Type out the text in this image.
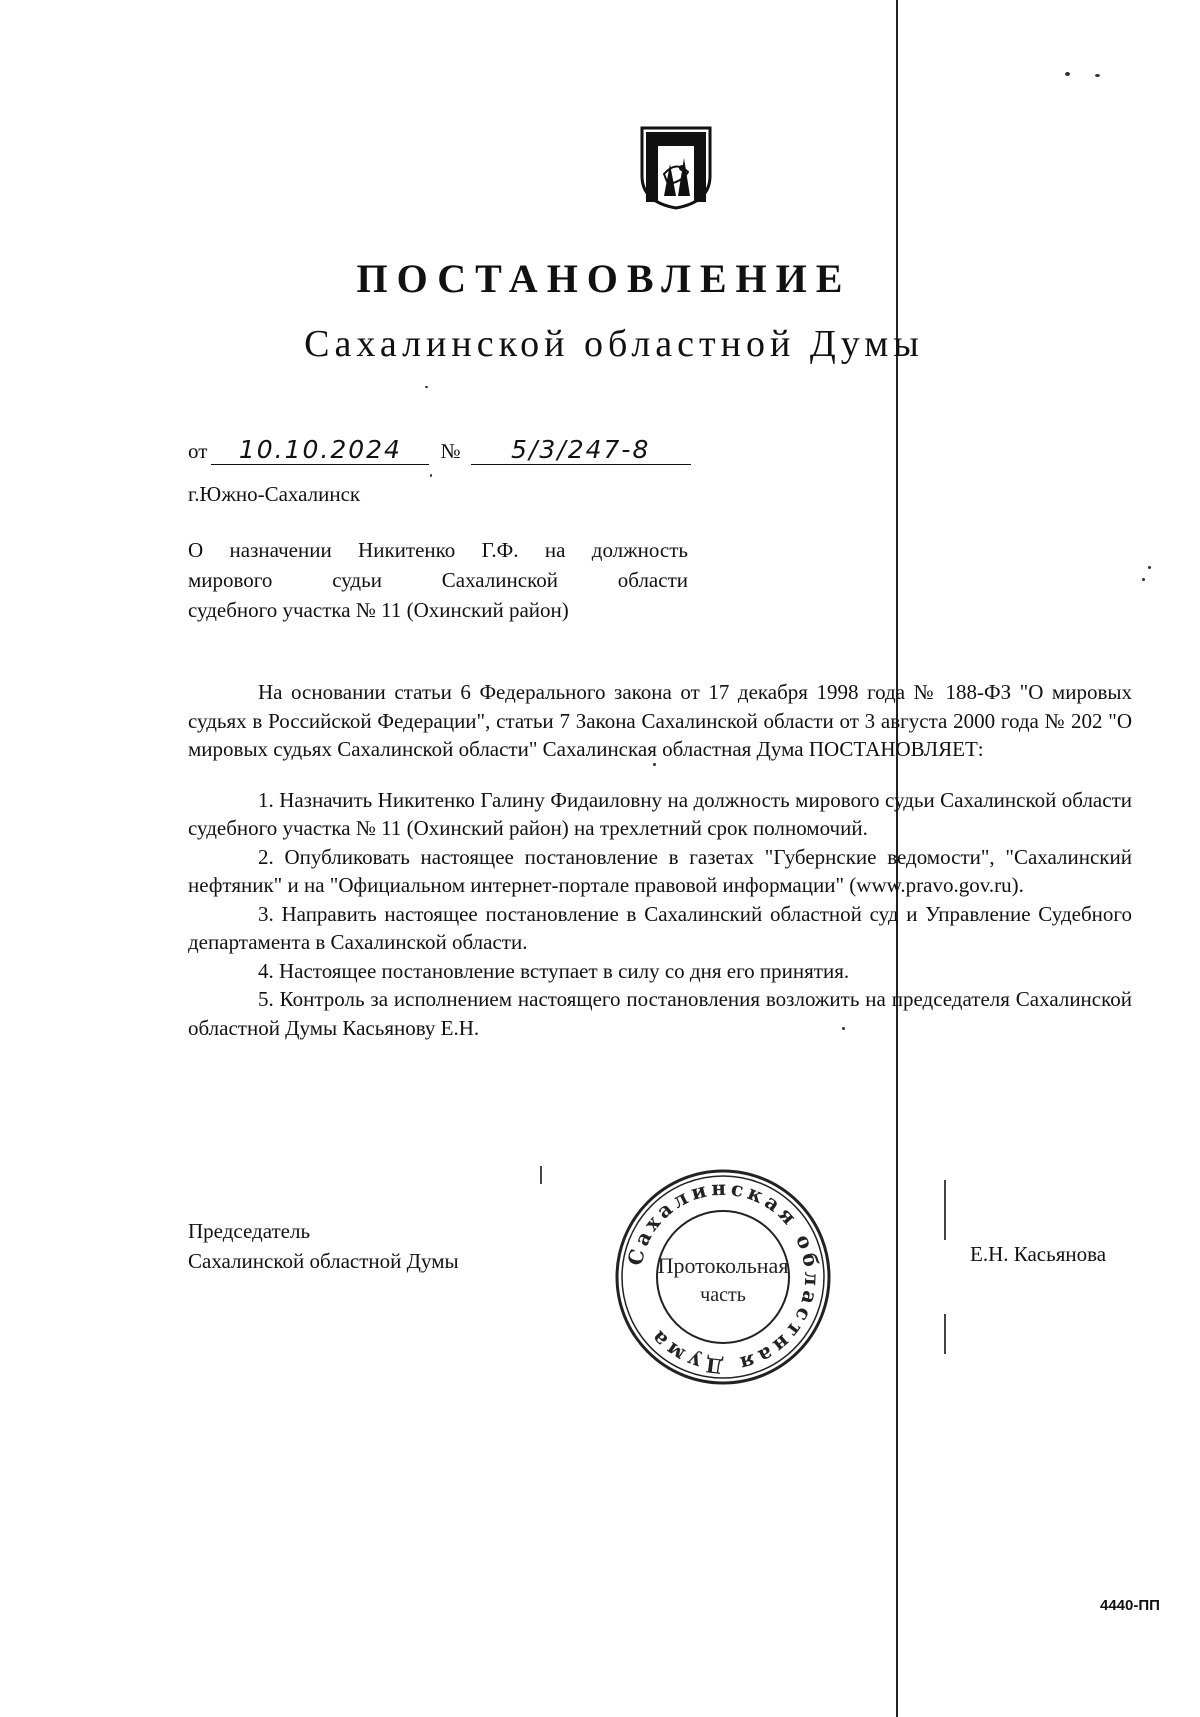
ПОСТАНОВЛЕНИЕ
Сахалинской областной Думы
от 10.10.2024 № 5/3/247-8
г.Южно-Сахалинск
О назначении Никитенко Г.Ф. на должность
мирового судьи Сахалинской области
судебного участка № 11 (Охинский район)

На основании статьи 6 Федерального закона от 17 декабря 1998 года № 188-ФЗ "О мировых судьях в Российской Федерации", статьи 7 Закона Сахалинской области от 3 августа 2000 года № 202 "О мировых судьях Сахалинской области" Сахалинская областная Дума ПОСТАНОВЛЯЕТ:

1. Назначить Никитенко Галину Фидаиловну на должность мирового судьи Сахалинской области судебного участка № 11 (Охинский район) на трехлетний срок полномочий.

2. Опубликовать настоящее постановление в газетах "Губернские ведомости", "Сахалинский нефтяник" и на "Официальном интернет-портале правовой информации" (www.pravo.gov.ru).

3. Направить настоящее постановление в Сахалинский областной суд и Управление Судебного департамента в Сахалинской области.

4. Настоящее постановление вступает в силу со дня его принятия.

5. Контроль за исполнением настоящего постановления возложить на председателя Сахалинской областной Думы Касьянову Е.Н.

Председатель
Сахалинской областной Думы	Е.Н. Касьянова
Сахалинская областная Дума
Протокольная
часть
4440-ПП
